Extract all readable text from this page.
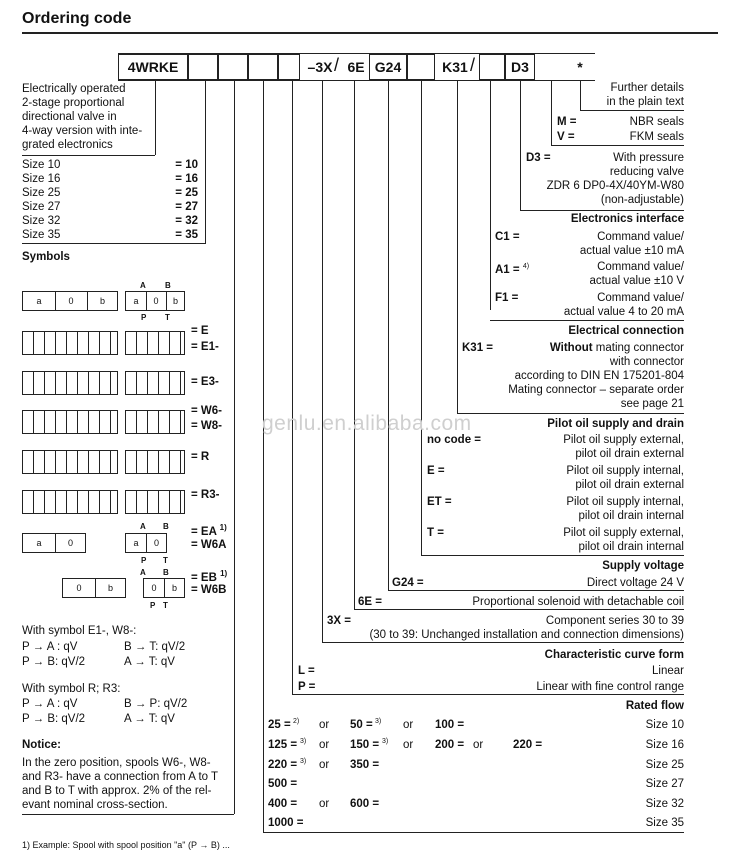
Ordering code
4WRKE	–3X / 6E G24	K31 /	D3	*
Electrically operated
2-stage proportional
directional valve in
4-way version with inte-
grated electronics
Size 10	= 10
Size 16	= 16
Size 25	= 25
Size 27	= 27
Size 32	= 32
Size 35	= 35
Symbols
a	0	b	a	0	b
A B
P T
= E
= E1-
= E3-
= W6-
= W8-
= R
= R3-
a	0	a	0
A B
P T
= EA $^{1)}$
= W6A
0	b	0	b
A B
P T
= EB $^{1)}$
= W6B
With symbol E1-, W8-:
P → A : qV	B → T: qV/2
P → B: qV/2	A → T: qV
With symbol R; R3:
P → A : qV	B → P: qV/2
P → B: qV/2	A → T: qV
Notice:
In the zero position, spools W6-, W8-
and R3- have a connection from A to T
and B to T with approx. 2% of the rel-
evant nominal cross-section.
Further details
in the plain text
M =	NBR seals
V =	FKM seals
D3 =	With pressure
reducing valve
ZDR 6 DP0-4X/40YM-W80
(non-adjustable)
Electronics interface
C1 =	Command value/
actual value ±10 mA
A1 = $^{4)}$	Command value/
actual value ±10 V
F1 =	Command value/
actual value 4 to 20 mA
Electrical connection
K31 =	Without mating connector
with connector
according to DIN EN 175201-804
Mating connector – separate order
see page 21
Pilot oil supply and drain
no code =	Pilot oil supply external,
pilot oil drain external
E =	Pilot oil supply internal,
pilot oil drain external
ET =	Pilot oil supply internal,
pilot oil drain internal
T =	Pilot oil supply external,
pilot oil drain internal
Supply voltage
G24 =	Direct voltage 24 V
6E =	Proportional solenoid with detachable coil
3X =	Component series 30 to 39
(30 to 39: Unchanged installation and connection dimensions)
Characteristic curve form
L =	Linear
P =	Linear with fine control range
Rated flow
25 = 2) or 50 = 3) or 100 =	Size 10
125 = 3) or 150 = 3) or 200 = or	220 =	Size 16
220 = 3) or 350 =	Size 25
500 =	Size 27
400 = or 600 =	Size 32
1000 =	Size 35
1) Example: Spool with spool position "a" (P → B) ...
genlu.en.alibaba.com
